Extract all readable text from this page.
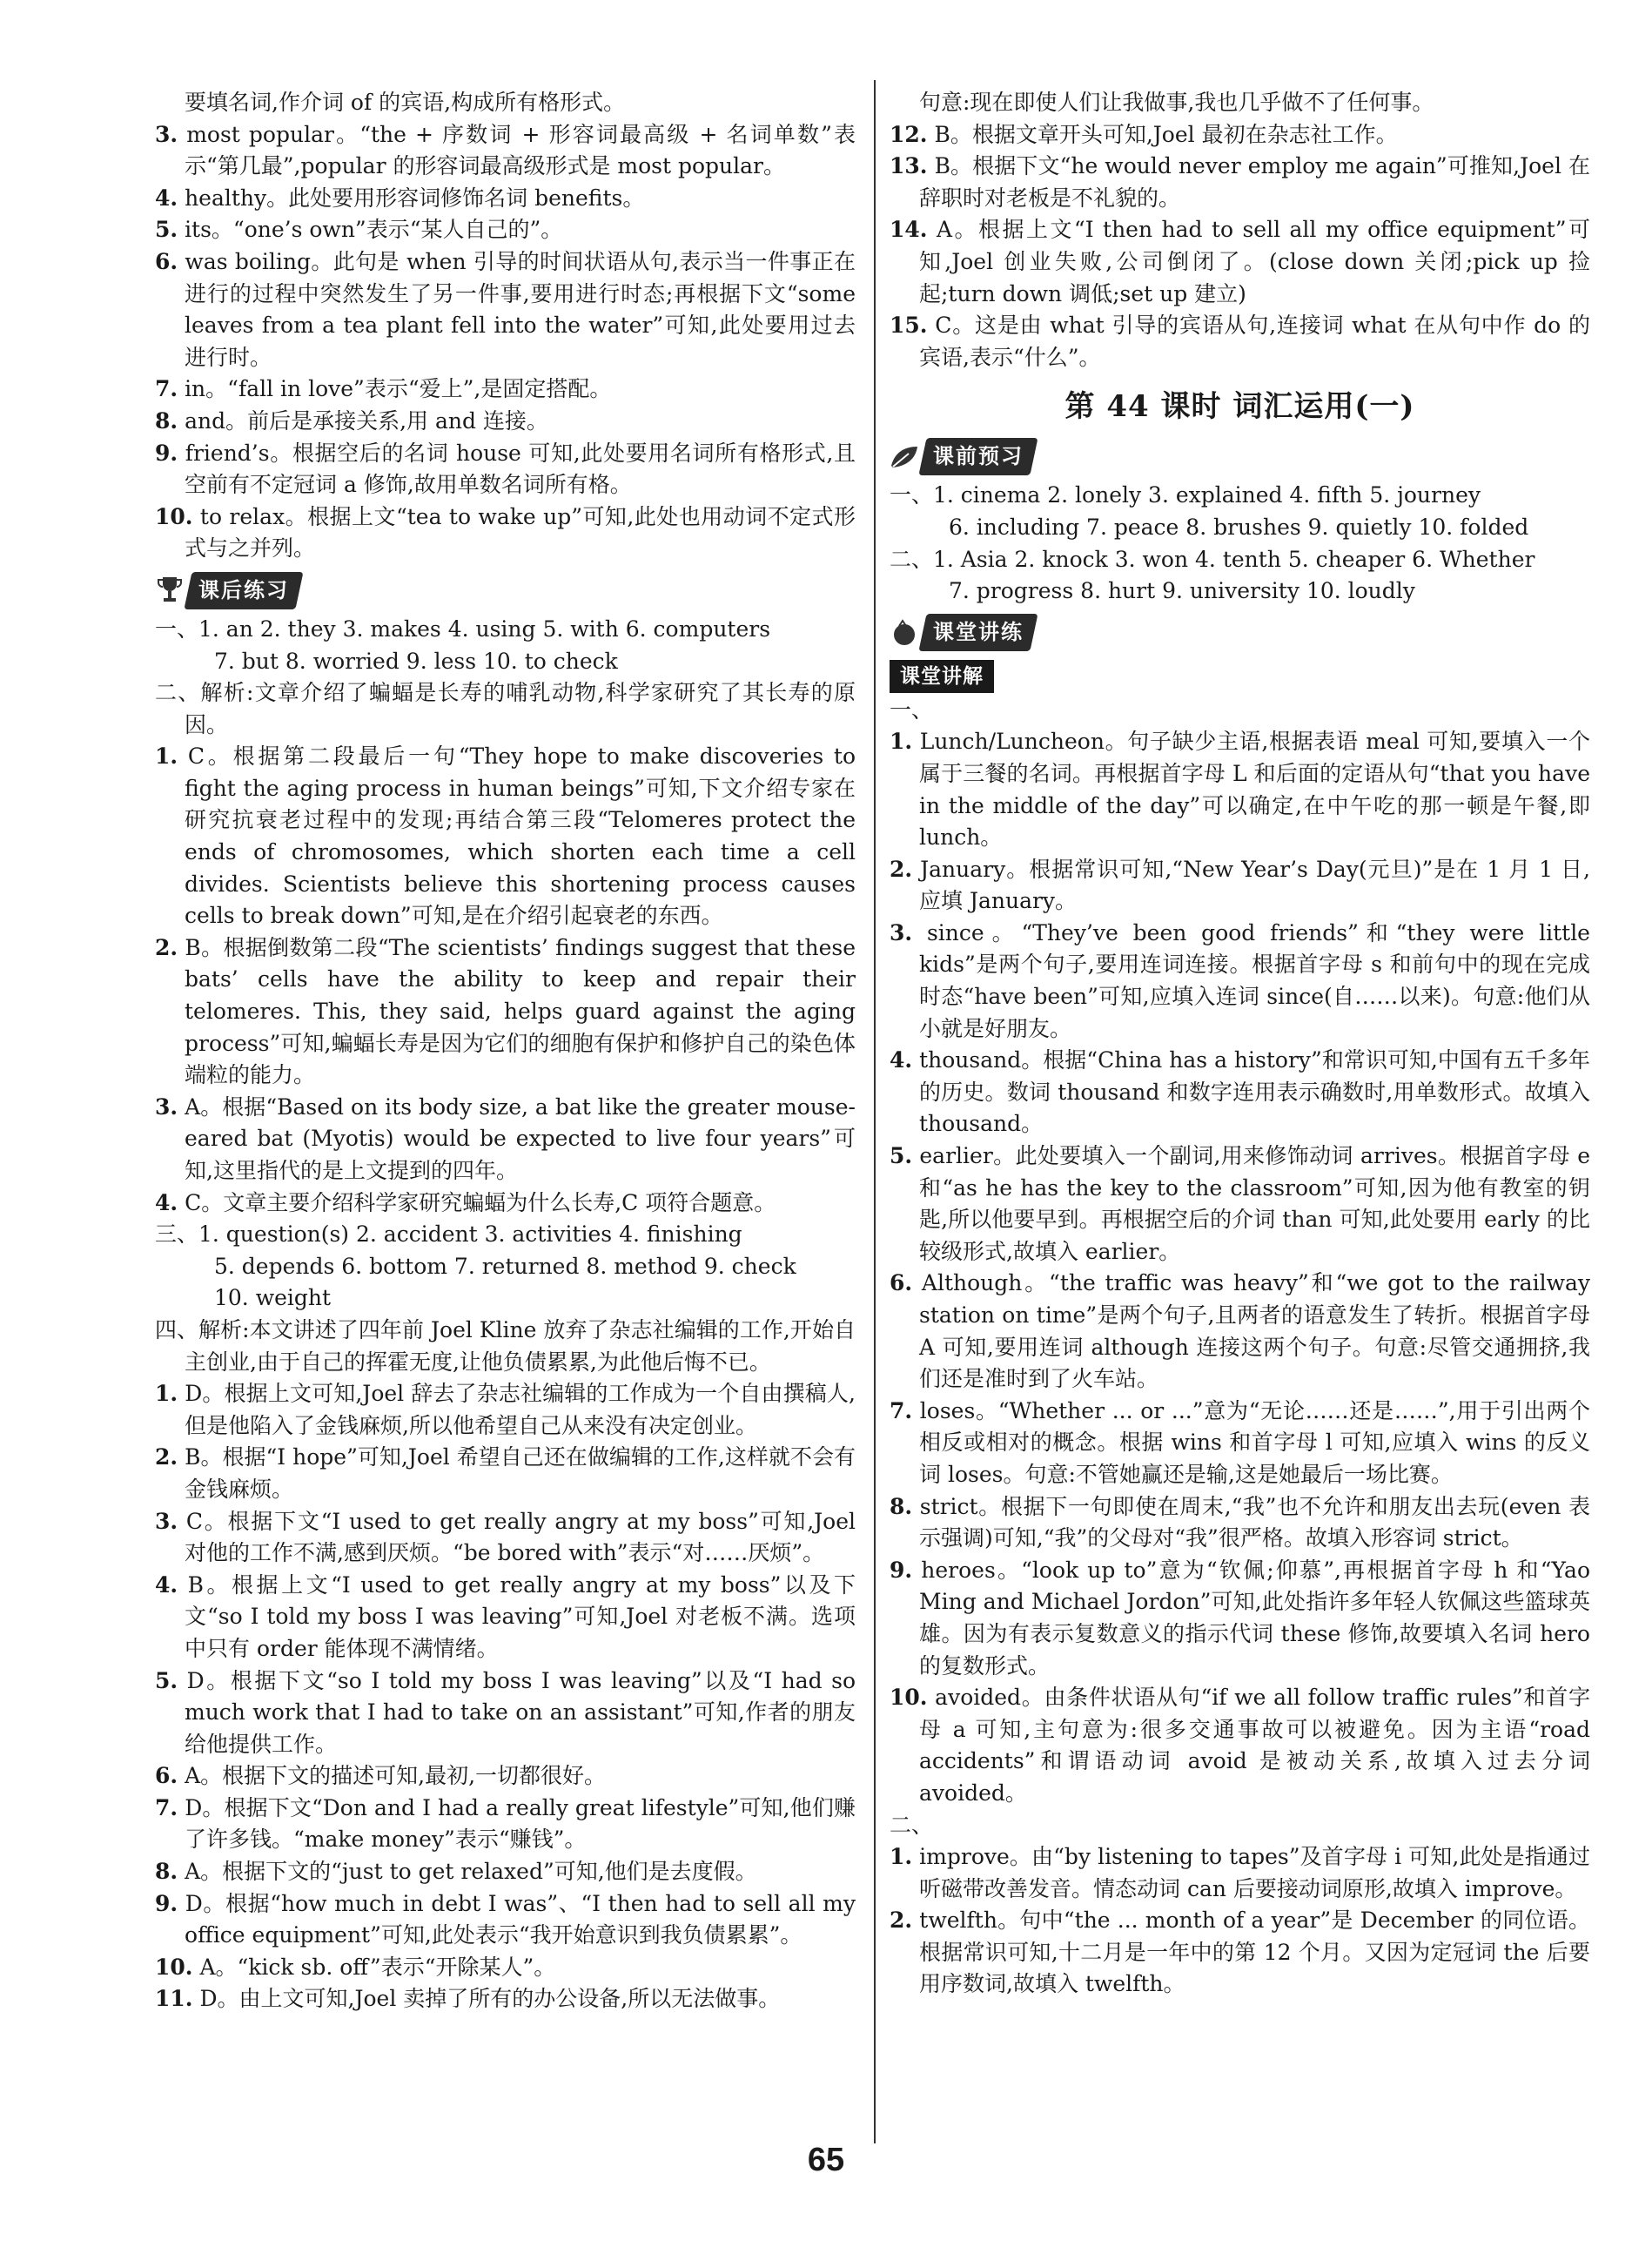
要填名词,作介词 of 的宾语,构成所有格形式。

3. most popular。“the + 序数词 + 形容词最高级 + 名词单数”表示“第几最”,popular 的形容词最高级形式是 most popular。

4. healthy。此处要用形容词修饰名词 benefits。

5. its。“one’s own”表示“某人自己的”。

6. was boiling。此句是 when 引导的时间状语从句,表示当一件事正在进行的过程中突然发生了另一件事,要用进行时态;再根据下文“some leaves from a tea plant fell into the water”可知,此处要用过去进行时。

7. in。“fall in love”表示“爱上”,是固定搭配。

8. and。前后是承接关系,用 and 连接。

9. friend’s。根据空后的名词 house 可知,此处要用名词所有格形式,且空前有不定冠词 a 修饰,故用单数名词所有格。

10. to relax。根据上文“tea to wake up”可知,此处也用动词不定式形式与之并列。

课后练习

一、1. an 2. they 3. makes 4. using 5. with 6. computers

7. but 8. worried 9. less 10. to check

二、解析:文章介绍了蝙蝠是长寿的哺乳动物,科学家研究了其长寿的原因。

1. C。根据第二段最后一句“They hope to make discoveries to fight the aging process in human beings”可知,下文介绍专家在研究抗衰老过程中的发现;再结合第三段“Telomeres protect the ends of chromosomes, which shorten each time a cell divides. Scientists believe this shortening process causes cells to break down”可知,是在介绍引起衰老的东西。

2. B。根据倒数第二段“The scientists’ findings suggest that these bats’ cells have the ability to keep and repair their telomeres. This, they said, helps guard against the aging process”可知,蝙蝠长寿是因为它们的细胞有保护和修护自己的染色体端粒的能力。

3. A。根据“Based on its body size, a bat like the greater mouse-eared bat (Myotis) would be expected to live four years”可知,这里指代的是上文提到的四年。

4. C。文章主要介绍科学家研究蝙蝠为什么长寿,C 项符合题意。

三、1. question(s) 2. accident 3. activities 4. finishing

5. depends 6. bottom 7. returned 8. method 9. check

10. weight

四、解析:本文讲述了四年前 Joel Kline 放弃了杂志社编辑的工作,开始自主创业,由于自己的挥霍无度,让他负债累累,为此他后悔不已。

1. D。根据上文可知,Joel 辞去了杂志社编辑的工作成为一个自由撰稿人,但是他陷入了金钱麻烦,所以他希望自己从来没有决定创业。

2. B。根据“I hope”可知,Joel 希望自己还在做编辑的工作,这样就不会有金钱麻烦。

3. C。根据下文“I used to get really angry at my boss”可知,Joel 对他的工作不满,感到厌烦。“be bored with”表示“对……厌烦”。

4. B。根据上文“I used to get really angry at my boss”以及下文“so I told my boss I was leaving”可知,Joel 对老板不满。选项中只有 order 能体现不满情绪。

5. D。根据下文“so I told my boss I was leaving”以及“I had so much work that I had to take on an assistant”可知,作者的朋友给他提供工作。

6. A。根据下文的描述可知,最初,一切都很好。

7. D。根据下文“Don and I had a really great lifestyle”可知,他们赚了许多钱。“make money”表示“赚钱”。

8. A。根据下文的“just to get relaxed”可知,他们是去度假。

9. D。根据“how much in debt I was”、“I then had to sell all my office equipment”可知,此处表示“我开始意识到我负债累累”。

10. A。“kick sb. off”表示“开除某人”。

11. D。由上文可知,Joel 卖掉了所有的办公设备,所以无法做事。

句意:现在即使人们让我做事,我也几乎做不了任何事。

12. B。根据文章开头可知,Joel 最初在杂志社工作。

13. B。根据下文“he would never employ me again”可推知,Joel 在辞职时对老板是不礼貌的。

14. A。根据上文“I then had to sell all my office equipment”可知,Joel 创业失败,公司倒闭了。(close down 关闭;pick up 捡起;turn down 调低;set up 建立)

15. C。这是由 what 引导的宾语从句,连接词 what 在从句中作 do 的宾语,表示“什么”。

第 44 课时 词汇运用(一)
课前预习

一、1. cinema 2. lonely 3. explained 4. fifth 5. journey

6. including 7. peace 8. brushes 9. quietly 10. folded

二、1. Asia 2. knock 3. won 4. tenth 5. cheaper 6. Whether

7. progress 8. hurt 9. university 10. loudly

课堂讲练
课堂讲解

一、

1. Lunch/Luncheon。句子缺少主语,根据表语 meal 可知,要填入一个属于三餐的名词。再根据首字母 L 和后面的定语从句“that you have in the middle of the day”可以确定,在中午吃的那一顿是午餐,即 lunch。

2. January。根据常识可知,“New Year’s Day(元旦)”是在 1 月 1 日,应填 January。

3. since。“They’ve been good friends”和“they were little kids”是两个句子,要用连词连接。根据首字母 s 和前句中的现在完成时态“have been”可知,应填入连词 since(自……以来)。句意:他们从小就是好朋友。

4. thousand。根据“China has a history”和常识可知,中国有五千多年的历史。数词 thousand 和数字连用表示确数时,用单数形式。故填入 thousand。

5. earlier。此处要填入一个副词,用来修饰动词 arrives。根据首字母 e 和“as he has the key to the classroom”可知,因为他有教室的钥匙,所以他要早到。再根据空后的介词 than 可知,此处要用 early 的比较级形式,故填入 earlier。

6. Although。“the traffic was heavy”和“we got to the railway station on time”是两个句子,且两者的语意发生了转折。根据首字母 A 可知,要用连词 although 连接这两个句子。句意:尽管交通拥挤,我们还是准时到了火车站。

7. loses。“Whether ... or ...”意为“无论……还是……”,用于引出两个相反或相对的概念。根据 wins 和首字母 l 可知,应填入 wins 的反义词 loses。句意:不管她赢还是输,这是她最后一场比赛。

8. strict。根据下一句即使在周末,“我”也不允许和朋友出去玩(even 表示强调)可知,“我”的父母对“我”很严格。故填入形容词 strict。

9. heroes。“look up to”意为“钦佩;仰慕”,再根据首字母 h 和“Yao Ming and Michael Jordon”可知,此处指许多年轻人钦佩这些篮球英雄。因为有表示复数意义的指示代词 these 修饰,故要填入名词 hero 的复数形式。

10. avoided。由条件状语从句“if we all follow traffic rules”和首字母 a 可知,主句意为:很多交通事故可以被避免。因为主语“road accidents”和谓语动词 avoid 是被动关系,故填入过去分词 avoided。

二、

1. improve。由“by listening to tapes”及首字母 i 可知,此处是指通过听磁带改善发音。情态动词 can 后要接动词原形,故填入 improve。

2. twelfth。句中“the ... month of a year”是 December 的同位语。根据常识可知,十二月是一年中的第 12 个月。又因为定冠词 the 后要用序数词,故填入 twelfth。

65
